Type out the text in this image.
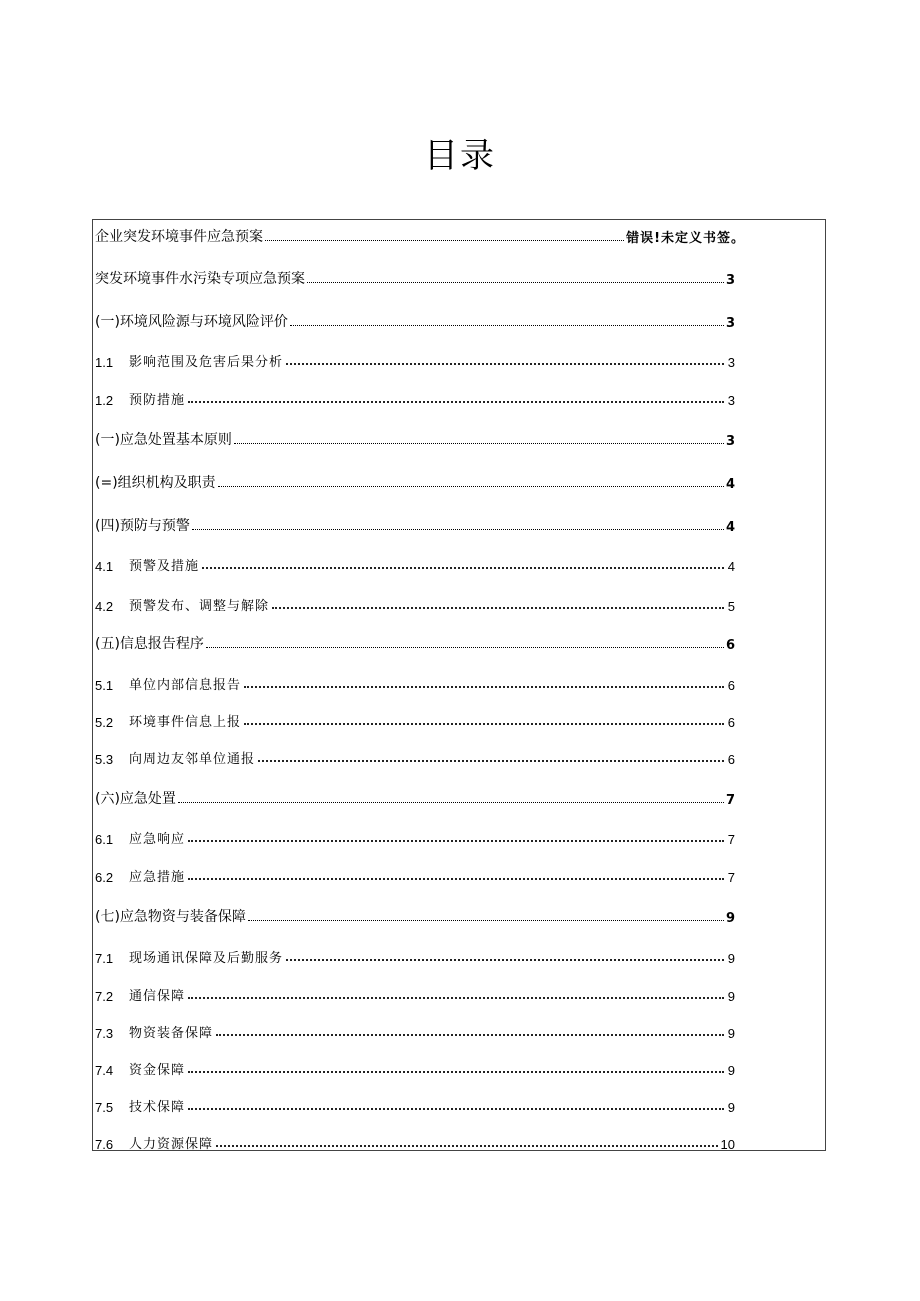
目录
企业突发环境事件应急预案	错误!未定义书签。
突发环境事件水污染专项应急预案	3
(一)环境风险源与环境风险评价	3
1.1	影响范围及危害后果分析	3
1.2	预防措施	3
(一)应急处置基本原则	3
(=)组织机构及职责	4
(四)预防与预警	4
4.1	预警及措施	4
4.2	预警发布、调整与解除	5
(五)信息报告程序	6
5.1	单位内部信息报告	6
5.2	环境事件信息上报	6
5.3	向周边友邻单位通报	6
(六)应急处置	7
6.1	应急响应	7
6.2	应急措施	7
(七)应急物资与装备保障	9
7.1	现场通讯保障及后勤服务	9
7.2	通信保障	9
7.3	物资装备保障	9
7.4	资金保障	9
7.5	技术保障	9
7.6	人力资源保障	10
